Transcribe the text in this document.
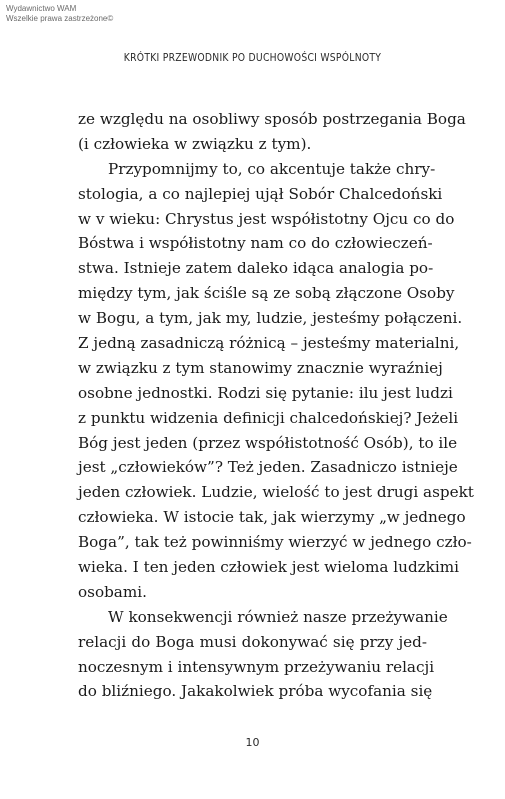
Wydawnictwo WAM
Wszelkie prawa zastrzeżone©
KRÓTKI PRZEWODNIK PO DUCHOWOŚCI WSPÓLNOTY
ze względu na osobliwy sposób postrzegania Boga
(i człowieka w związku z tym).
Przypomnijmy to, co akcentuje także chry-
stologia, a co najlepiej ujął Sobór Chalcedoński
w v wieku: Chrystus jest współistotny Ojcu co do
Bóstwa i współistotny nam co do człowieczeń-
stwa. Istnieje zatem daleko idąca analogia po-
między tym, jak ściśle są ze sobą złączone Osoby
w Bogu, a tym, jak my, ludzie, jesteśmy połączeni.
Z jedną zasadniczą różnicą – jesteśmy materialni,
w związku z tym stanowimy znacznie wyraźniej
osobne jednostki. Rodzi się pytanie: ilu jest ludzi
z punktu widzenia definicji chalcedońskiej? Jeżeli
Bóg jest jeden (przez współistotność Osób), to ile
jest „człowieków”? Też jeden. Zasadniczo istnieje
jeden człowiek. Ludzie, wielość to jest drugi aspekt
człowieka. W istocie tak, jak wierzymy „w jednego
Boga”, tak też powinniśmy wierzyć w jednego czło-
wieka. I ten jeden człowiek jest wieloma ludzkimi
osobami.
W konsekwencji również nasze przeżywanie
relacji do Boga musi dokonywać się przy jed-
noczesnym i intensywnym przeżywaniu relacji
do bliźniego. Jakakolwiek próba wycofania się
10
